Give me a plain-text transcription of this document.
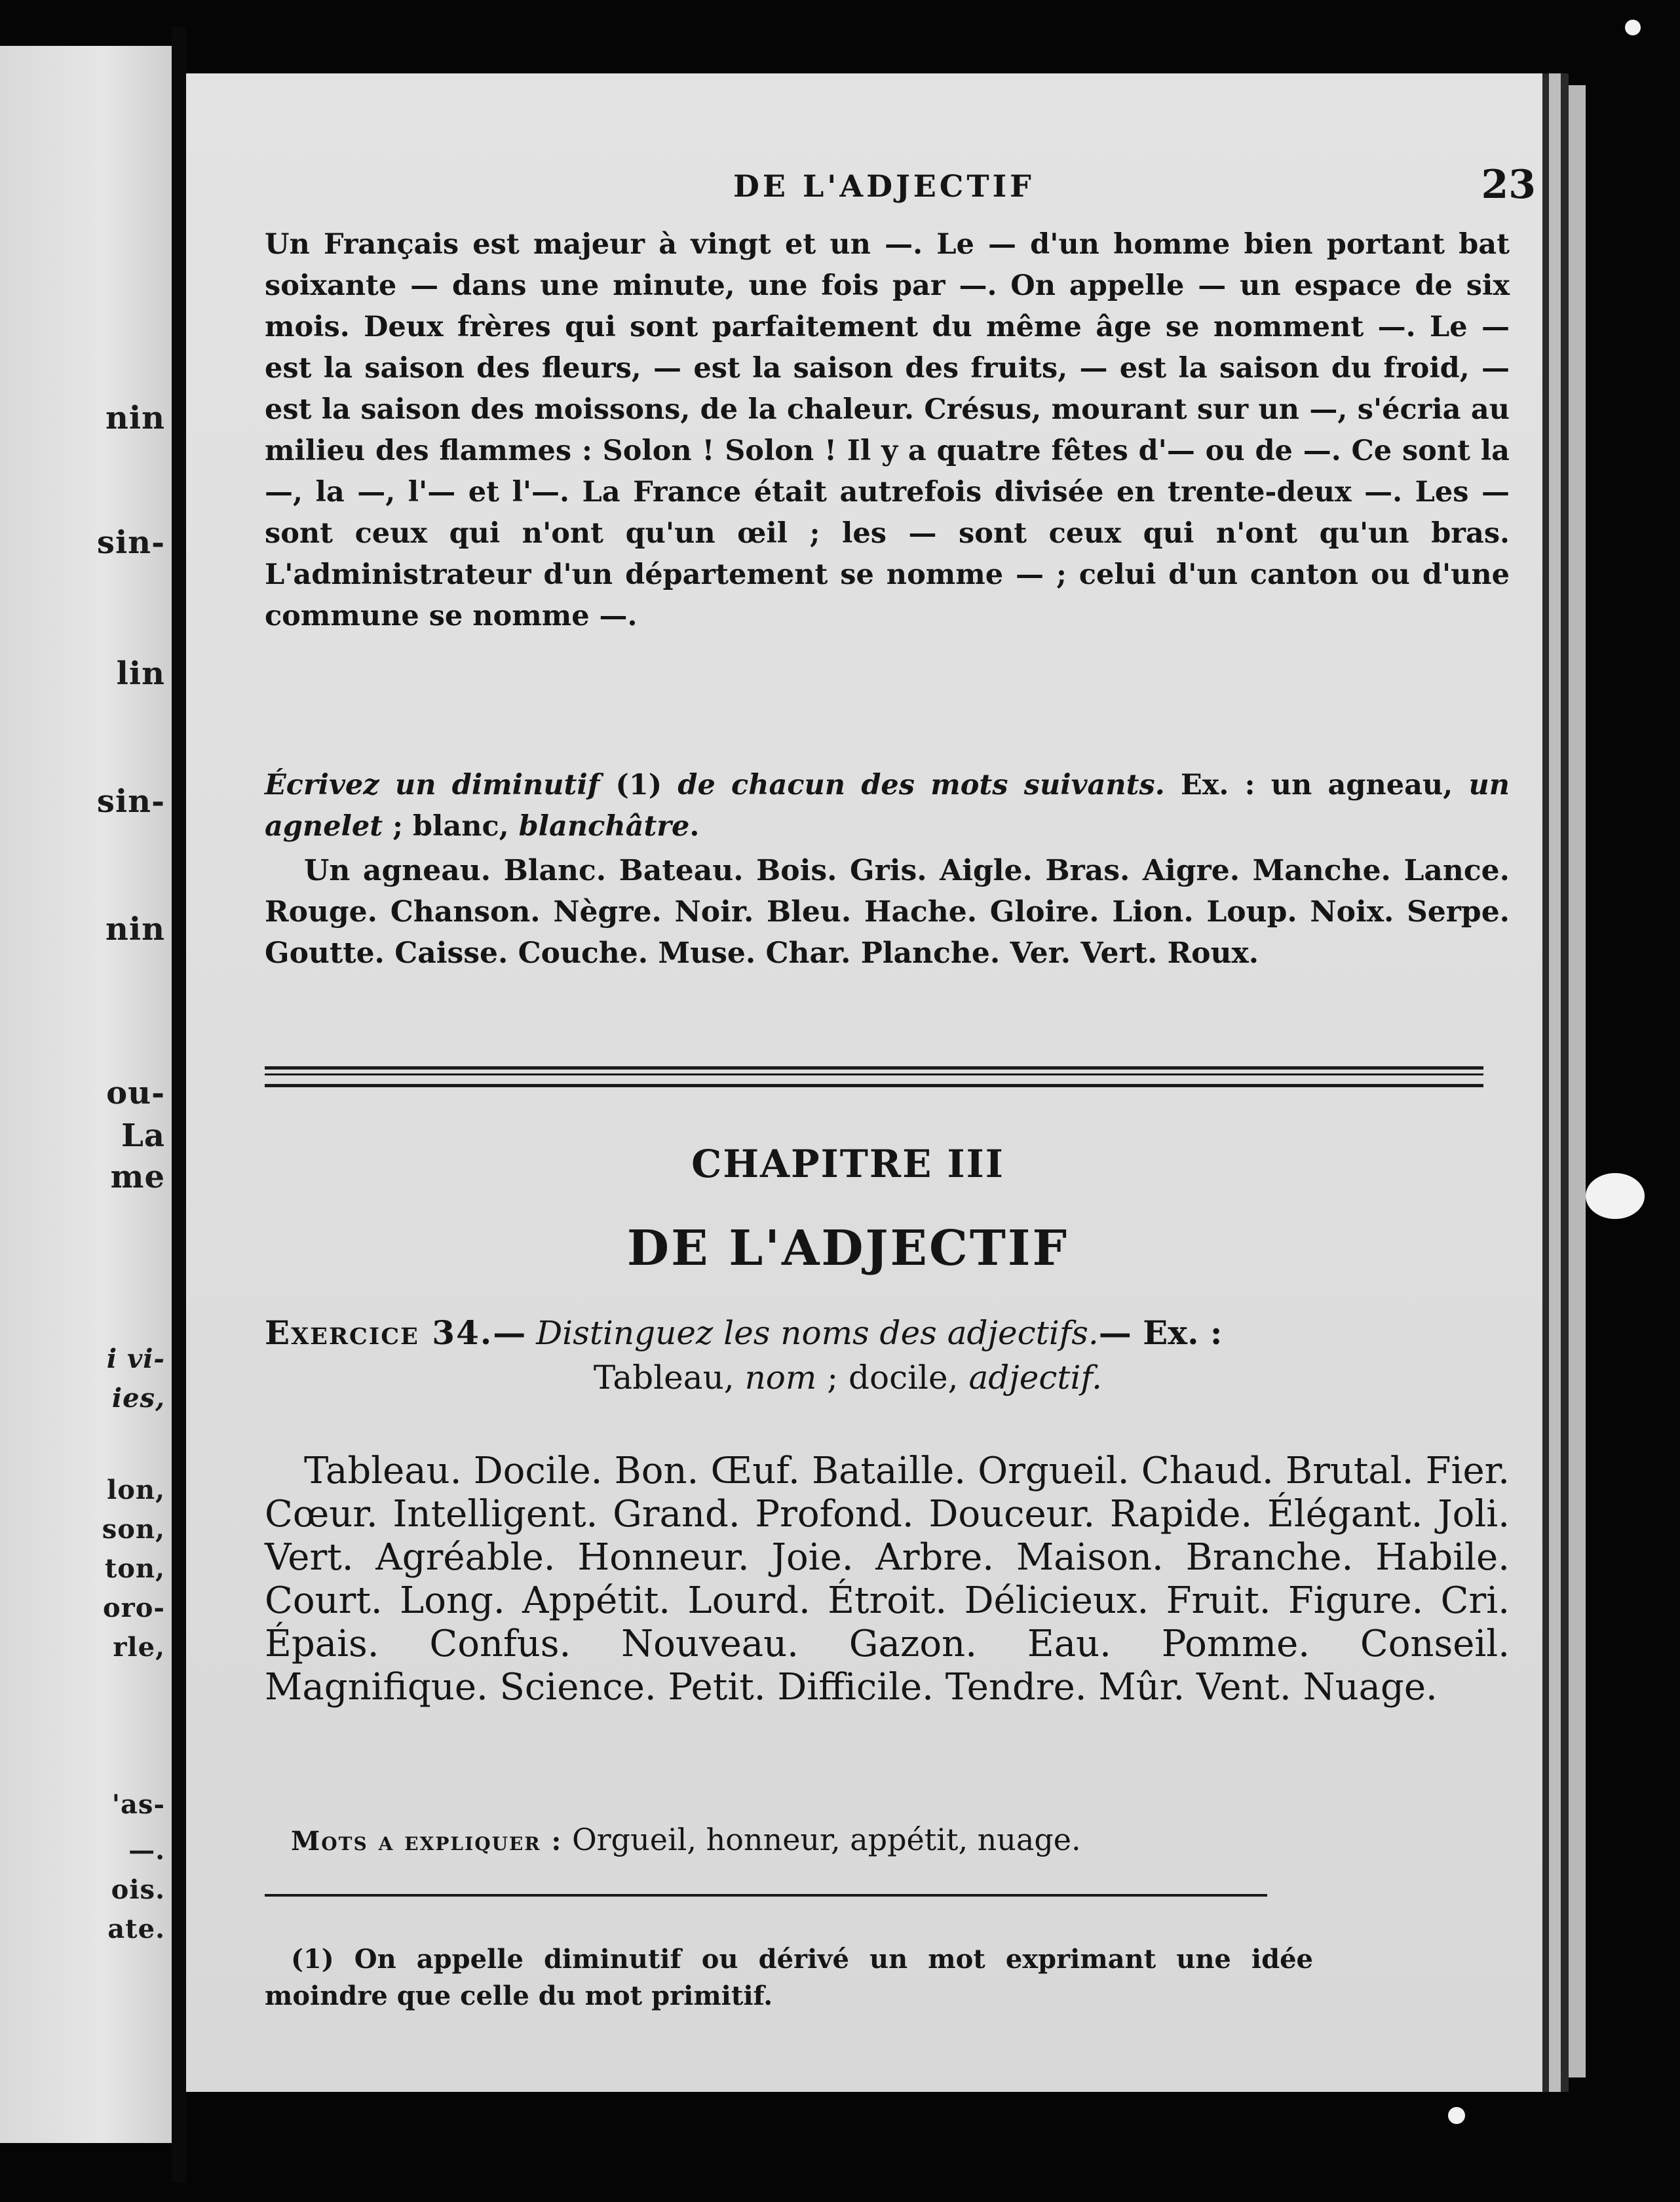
nin
sin-
lin
sin-
nin
ou-
La
me
i vi-
ies,
lon,
son,
ton,
oro-
rle,
'as-
—.
ois.
ate.
DE L'ADJECTIF	23

Un Français est majeur à vingt et un —. Le — d'un homme bien portant bat soixante — dans une minute, une fois par —. On appelle — un espace de six mois. Deux frères qui sont parfaitement du même âge se nomment —. Le — est la saison des fleurs, — est la saison des fruits, — est la saison du froid, — est la saison des moissons, de la chaleur. Crésus, mourant sur un —, s'écria au milieu des flammes : Solon ! Solon ! Il y a quatre fêtes d'— ou de —. Ce sont la —, la —, l'— et l'—. La France était autrefois divisée en trente-deux —. Les — sont ceux qui n'ont qu'un œil ; les — sont ceux qui n'ont qu'un bras. L'administrateur d'un département se nomme — ; celui d'un canton ou d'une commune se nomme —.

Écrivez un diminutif (1) de chacun des mots suivants. Ex. : un agneau, un agnelet ; blanc, blanchâtre.

Un agneau. Blanc. Bateau. Bois. Gris. Aigle. Bras. Aigre. Manche. Lance. Rouge. Chanson. Nègre. Noir. Bleu. Hache. Gloire. Lion. Loup. Noix. Serpe. Goutte. Caisse. Couche. Muse. Char. Planche. Ver. Vert. Roux.

CHAPITRE III
DE L'ADJECTIF

Exercice 34.— Distinguez les noms des adjectifs.— Ex. :
Tableau, nom ; docile, adjectif.

Tableau. Docile. Bon. Œuf. Bataille. Orgueil. Chaud. Brutal. Fier. Cœur. Intelligent. Grand. Profond. Douceur. Rapide. Élégant. Joli. Vert. Agréable. Honneur. Joie. Arbre. Maison. Branche. Habile. Court. Long. Appétit. Lourd. Étroit. Délicieux. Fruit. Figure. Cri. Épais. Confus. Nouveau. Gazon. Eau. Pomme. Conseil. Magnifique. Science. Petit. Difficile. Tendre. Mûr. Vent. Nuage.

Mots a expliquer : Orgueil, honneur, appétit, nuage.

(1) On appelle diminutif ou dérivé un mot exprimant une idée moindre que celle du mot primitif.
